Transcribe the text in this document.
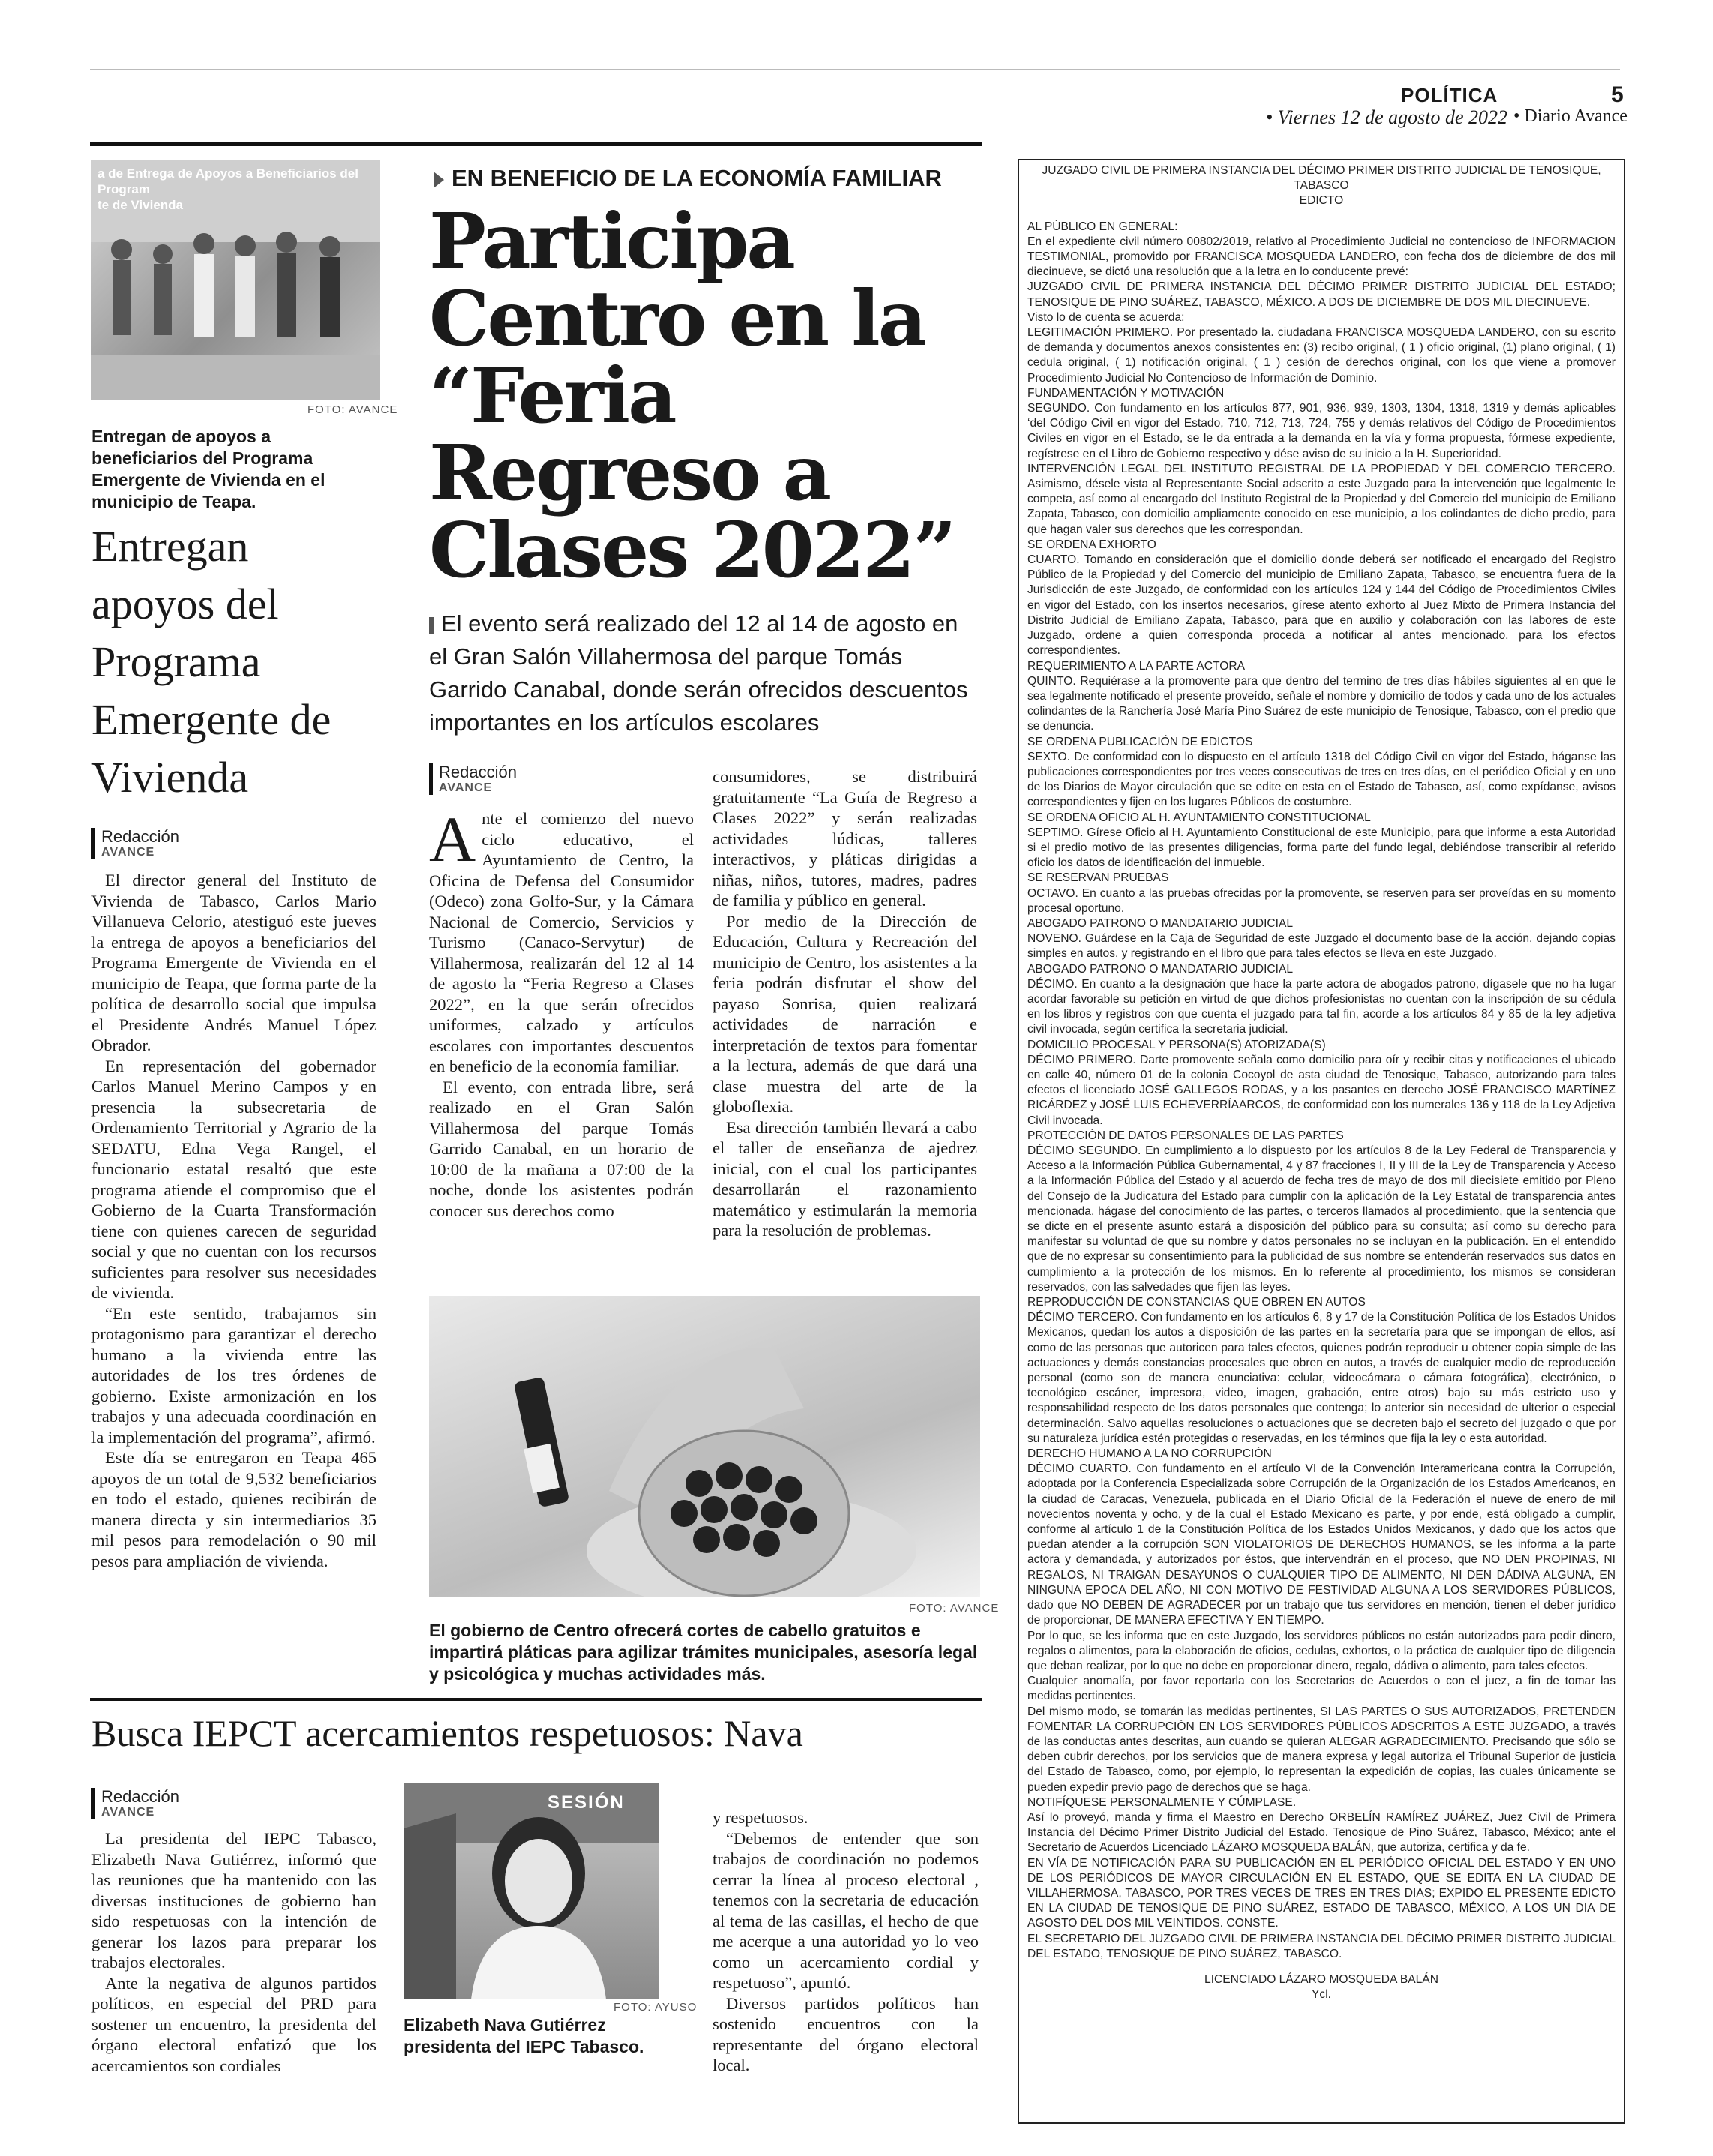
POLÍTICA	5
• Viernes 12 de agosto de 2022 • Diario Avance
a de Entrega de Apoyos a Beneficiarios del Program
te de Vivienda
FOTO: AVANCE
Entregan de apoyos a beneficiarios del Programa Emergente de Vivienda en el municipio de Teapa.
Entregan apoyos del Programa Emergente de Vivienda
Redacción
AVANCE

El director general del Instituto de Vivienda de Tabasco, Carlos Mario Villanueva Celorio, atestiguó este jueves la entrega de apoyos a beneficiarios del Programa Emergente de Vivienda en el municipio de Teapa, que forma parte de la política de desarrollo social que impulsa el Presidente Andrés Manuel López Obrador.

En representación del gobernador Carlos Manuel Merino Campos y en presencia la subsecretaria de Ordenamiento Territorial y Agrario de la SEDATU, Edna Vega Rangel, el funcionario estatal resaltó que este programa atiende el compromiso que el Gobierno de la Cuarta Transformación tiene con quienes carecen de seguridad social y que no cuentan con los recursos suficientes para resolver sus necesidades de vivienda.

“En este sentido, trabajamos sin protagonismo para garantizar el derecho humano a la vivienda entre las autoridades de los tres órdenes de gobierno. Existe armonización en los trabajos y una adecuada coordinación en la implementación del programa”, afirmó.

Este día se entregaron en Teapa 465 apoyos de un total de 9,532 beneficiarios en todo el estado, quienes recibirán de manera directa y sin intermediarios 35 mil pesos para remodelación o 90 mil pesos para ampliación de vivienda.

EN BENEFICIO DE LA ECONOMÍA FAMILIAR
Participa Centro en la “Feria Regreso a Clases 2022”
El evento será realizado del 12 al 14 de agosto en el Gran Salón Villahermosa del parque Tomás Garrido Canabal, donde serán ofrecidos descuentos importantes en los artículos escolares
Redacción
AVANCE

Ante el comienzo del nuevo ciclo educativo, el Ayuntamiento de Centro, la Oficina de Defensa del Consumidor (Odeco) zona Golfo-Sur, y la Cámara Nacional de Comercio, Servicios y Turismo (Canaco-Servytur) de Villahermosa, realizarán del 12 al 14 de agosto la “Feria Regreso a Clases 2022”, en la que serán ofrecidos uniformes, calzado y artículos escolares con importantes descuentos en beneficio de la economía familiar.

El evento, con entrada libre, será realizado en el Gran Salón Villahermosa del parque Tomás Garrido Canabal, en un horario de 10:00 de la mañana a 07:00 de la noche, donde los asistentes podrán conocer sus derechos como

consumidores, se distribuirá gratuitamente “La Guía de Regreso a Clases 2022” y serán realizadas actividades lúdicas, talleres interactivos, y pláticas dirigidas a niñas, niños, tutores, madres, padres de familia y público en general.

Por medio de la Dirección de Educación, Cultura y Recreación del municipio de Centro, los asistentes a la feria podrán disfrutar el show del payaso Sonrisa, quien realizará actividades de narración e interpretación de textos para fomentar a la lectura, además de que dará una clase muestra del arte de la globoflexia.

Esa dirección también llevará a cabo el taller de enseñanza de ajedrez inicial, con el cual los participantes desarrollarán el razonamiento matemático y estimularán la memoria para la resolución de problemas.

FOTO: AVANCE
El gobierno de Centro ofrecerá cortes de cabello gratuitos e impartirá pláticas para agilizar trámites municipales, asesoría legal y psicológica y muchas actividades más.
Busca IEPCT acercamientos respetuosos: Nava
Redacción
AVANCE

La presidenta del IEPC Tabasco, Elizabeth Nava Gutiérrez, informó que las reuniones que ha mantenido con las diversas instituciones de gobierno han sido respetuosas con la intención de generar los lazos para preparar los trabajos electorales.

Ante la negativa de algunos partidos políticos, en especial del PRD para sostener un encuentro, la presidenta del órgano electoral enfatizó que los acercamientos son cordiales

SESIÓN
FOTO: AYUSO
Elizabeth Nava Gutiérrez presidenta del IEPC Tabasco.

y respetuosos.

“Debemos de entender que son trabajos de coordinación no podemos cerrar la línea al proceso electoral , tenemos con la secretaria de educación al tema de las casillas, el hecho de que me acerque a una autoridad yo lo veo como un acercamiento cordial y respetuoso”, apuntó.

Diversos partidos políticos han sostenido encuentros con la representante del órgano electoral local.

JUZGADO CIVIL DE PRIMERA INSTANCIA DEL DÉCIMO PRIMER DISTRITO JUDICIAL DE TENOSIQUE, TABASCO
EDICTO
AL PÚBLICO EN GENERAL:
En el expediente civil número 00802/2019, relativo al Procedimiento Judicial no contencioso de INFORMACION TESTIMONIAL, promovido por FRANCISCA MOSQUEDA LANDERO, con fecha dos de diciembre de dos mil diecinueve, se dictó una resolución que a la letra en lo conducente prevé:
JUZGADO CIVIL DE PRIMERA INSTANCIA DEL DÉCIMO PRIMER DISTRITO JUDICIAL DEL ESTADO; TENOSIQUE DE PINO SUÁREZ, TABASCO, MÉXICO. A DOS DE DICIEMBRE DE DOS MIL DIECINUEVE.
Visto lo de cuenta se acuerda:
LEGITIMACIÓN PRIMERO. Por presentado la. ciudadana FRANCISCA MOSQUEDA LANDERO, con su escrito de demanda y documentos anexos consistentes en: (3) recibo original, ( 1 ) oficio original, (1) plano original, ( 1) cedula original, ( 1) notificación original, ( 1 ) cesión de derechos original, con los que viene a promover Procedimiento Judicial No Contencioso de Información de Dominio.
FUNDAMENTACIÓN Y MOTIVACIÓN
SEGUNDO. Con fundamento en los artículos 877, 901, 936, 939, 1303, 1304, 1318, 1319 y demás aplicables ‘del Código Civil en vigor del Estado, 710, 712, 713, 724, 755 y demás relativos del Código de Procedimientos Civiles en vigor en el Estado, se le da entrada a la demanda en la vía y forma propuesta, fórmese expediente, regístrese en el Libro de Gobierno respectivo y dése aviso de su inicio a la H. Superioridad.
INTERVENCIÓN LEGAL DEL INSTITUTO REGISTRAL DE LA PROPIEDAD Y DEL COMERCIO TERCERO. Asimismo, désele vista al Representante Social adscrito a este Juzgado para la intervención que legalmente le competa, así como al encargado del Instituto Registral de la Propiedad y del Comercio del municipio de Emiliano Zapata, Tabasco, con domicilio ampliamente conocido en ese municipio, a los colindantes de dicho predio, para que hagan valer sus derechos que les correspondan.
SE ORDENA EXHORTO
CUARTO. Tomando en consideración que el domicilio donde deberá ser notificado el encargado del Registro Público de la Propiedad y del Comercio del municipio de Emiliano Zapata, Tabasco, se encuentra fuera de la Jurisdicción de este Juzgado, de conformidad con los artículos 124 y 144 del Código de Procedimientos Civiles en vigor del Estado, con los insertos necesarios, gírese atento exhorto al Juez Mixto de Primera Instancia del Distrito Judicial de Emiliano Zapata, Tabasco, para que en auxilio y colaboración con las labores de este Juzgado, ordene a quien corresponda proceda a notificar al antes mencionado, para los efectos correspondientes.
REQUERIMIENTO A LA PARTE ACTORA
QUINTO. Requiérase a la promovente para que dentro del termino de tres días hábiles siguientes al en que le sea legalmente notificado el presente proveído, señale el nombre y domicilio de todos y cada uno de los actuales colindantes de la Ranchería José María Pino Suárez de este municipio de Tenosique, Tabasco, con el predio que se denuncia.
SE ORDENA PUBLICACIÓN DE EDICTOS
SEXTO. De conformidad con lo dispuesto en el artículo 1318 del Código Civil en vigor del Estado, háganse las publicaciones correspondientes por tres veces consecutivas de tres en tres días, en el periódico Oficial y en uno de los Diarios de Mayor circulación que se edite en esta en el Estado de Tabasco, así, como expídanse, avisos correspondientes y fijen en los lugares Públicos de costumbre.
SE ORDENA OFICIO AL H. AYUNTAMIENTO CONSTITUCIONAL
SEPTIMO. Gírese Oficio al H. Ayuntamiento Constitucional de este Municipio, para que informe a esta Autoridad si el predio motivo de las presentes diligencias, forma parte del fundo legal, debiéndose transcribir al referido oficio los datos de identificación del inmueble.
SE RESERVAN PRUEBAS
OCTAVO. En cuanto a las pruebas ofrecidas por la promovente, se reserven para ser proveídas en su momento procesal oportuno.
ABOGADO PATRONO O MANDATARIO JUDICIAL
NOVENO. Guárdese en la Caja de Seguridad de este Juzgado el documento base de la acción, dejando copias simples en autos, y registrando en el libro que para tales efectos se lleva en este Juzgado.
ABOGADO PATRONO O MANDATARIO JUDICIAL
DÉCIMO. En cuanto a la designación que hace la parte actora de abogados patrono, dígasele que no ha lugar acordar favorable su petición en virtud de que dichos profesionistas no cuentan con la inscripción de su cédula en los libros y registros con que cuenta el juzgado para tal fin, acorde a los artículos 84 y 85 de la ley adjetiva civil invocada, según certifica la secretaria judicial.
DOMICILIO PROCESAL Y PERSONA(S) ATORIZADA(S)
DÉCIMO PRIMERO. Darte promovente señala como domicilio para oír y recibir citas y notificaciones el ubicado en calle 40, número 01 de la colonia Cocoyol de asta ciudad de Tenosique, Tabasco, autorizando para tales efectos el licenciado JOSÉ GALLEGOS RODAS, y a los pasantes en derecho JOSÉ FRANCISCO MARTÍNEZ RICÁRDEZ y JOSÉ LUIS ECHEVERRÍAARCOS, de conformidad con los numerales 136 y 118 de la Ley Adjetiva Civil invocada.
PROTECCIÓN DE DATOS PERSONALES DE LAS PARTES
DÉCIMO SEGUNDO. En cumplimiento a lo dispuesto por los artículos 8 de la Ley Federal de Transparencia y Acceso a la Información Pública Gubernamental, 4 y 87 fracciones I, II y III de la Ley de Transparencia y Acceso a la Información Pública del Estado y al acuerdo de fecha tres de mayo de dos mil diecisiete emitido por Pleno del Consejo de la Judicatura del Estado para cumplir con la aplicación de la Ley Estatal de transparencia antes mencionada, hágase del conocimiento de las partes, o terceros llamados al procedimiento, que la sentencia que se dicte en el presente asunto estará a disposición del público para su consulta; así como su derecho para manifestar su voluntad de que su nombre y datos personales no se incluyan en la publicación. En el entendido que de no expresar su consentimiento para la publicidad de sus nombre se entenderán reservados sus datos en cumplimiento a la protección de los mismos. En lo referente al procedimiento, los mismos se consideran reservados, con las salvedades que fijen las leyes.
REPRODUCCIÓN DE CONSTANCIAS QUE OBREN EN AUTOS
DÉCIMO TERCERO. Con fundamento en los artículos 6, 8 y 17 de la Constitución Política de los Estados Unidos Mexicanos, quedan los autos a disposición de las partes en la secretaría para que se impongan de ellos, así como de las personas que autoricen para tales efectos, quienes podrán reproducir u obtener copia simple de las actuaciones y demás constancias procesales que obren en autos, a través de cualquier medio de reproducción personal (como son de manera enunciativa: celular, videocámara o cámara fotográfica), electrónico, o tecnológico escáner, impresora, video, imagen, grabación, entre otros) bajo su más estricto uso y responsabilidad respecto de los datos personales que contenga; lo anterior sin necesidad de ulterior o especial determinación. Salvo aquellas resoluciones o actuaciones que se decreten bajo el secreto del juzgado o que por su naturaleza jurídica estén protegidas o reservadas, en los términos que fija la ley o esta autoridad.
DERECHO HUMANO A LA NO CORRUPCIÓN
DÉCIMO CUARTO. Con fundamento en el artículo VI de la Convención Interamericana contra la Corrupción, adoptada por la Conferencia Especializada sobre Corrupción de la Organización de los Estados Americanos, en la ciudad de Caracas, Venezuela, publicada en el Diario Oficial de la Federación el nueve de enero de mil novecientos noventa y ocho, y de la cual el Estado Mexicano es parte, y por ende, está obligado a cumplir, conforme al artículo 1 de la Constitución Política de los Estados Unidos Mexicanos, y dado que los actos que puedan atender a la corrupción SON VIOLATORIOS DE DERECHOS HUMANOS, se les informa a la parte actora y demandada, y autorizados por éstos, que intervendrán en el proceso, que NO DEN PROPINAS, NI REGALOS, NI TRAIGAN DESAYUNOS O CUALQUIER TIPO DE ALIMENTO, NI DEN DÁDIVA ALGUNA, EN NINGUNA EPOCA DEL AÑO, NI CON MOTIVO DE FESTIVIDAD ALGUNA A LOS SERVIDORES PÚBLICOS, dado que NO DEBEN DE AGRADECER por un trabajo que tus servidores en mención, tienen el deber jurídico de proporcionar, DE MANERA EFECTIVA Y EN TIEMPO.
Por lo que, se les informa que en este Juzgado, los servidores públicos no están autorizados para pedir dinero, regalos o alimentos, para la elaboración de oficios, cedulas, exhortos, o la práctica de cualquier tipo de diligencia que deban realizar, por lo que no debe en proporcionar dinero, regalo, dádiva o alimento, para tales efectos.
Cualquier anomalía, por favor reportarla con los Secretarios de Acuerdos o con el juez, a fin de tomar las medidas pertinentes.
Del mismo modo, se tomarán las medidas pertinentes, SI LAS PARTES O SUS AUTORIZADOS, PRETENDEN FOMENTAR LA CORRUPCIÓN EN LOS SERVIDORES PÚBLICOS ADSCRITOS A ESTE JUZGADO, a través de las conductas antes descritas, aun cuando se quieran ALEGAR AGRADECIMIENTO. Precisando que sólo se deben cubrir derechos, por los servicios que de manera expresa y legal autoriza el Tribunal Superior de justicia del Estado de Tabasco, como, por ejemplo, lo representan la expedición de copias, las cuales únicamente se pueden expedir previo pago de derechos que se haga.
NOTIFÍQUESE PERSONALMENTE Y CÚMPLASE.
Así lo proveyó, manda y firma el Maestro en Derecho ORBELÍN RAMÍREZ JUÁREZ, Juez Civil de Primera Instancia del Décimo Primer Distrito Judicial del Estado. Tenosique de Pino Suárez, Tabasco, México; ante el Secretario de Acuerdos Licenciado LÁZARO MOSQUEDA BALÁN, que autoriza, certifica y da fe.
EN VÍA DE NOTIFICACIÓN PARA SU PUBLICACIÓN EN EL PERIÓDICO OFICIAL DEL ESTADO Y EN UNO DE LOS PERIÓDICOS DE MAYOR CIRCULACIÓN EN EL ESTADO, QUE SE EDITA EN LA CIUDAD DE VILLAHERMOSA, TABASCO, POR TRES VECES DE TRES EN TRES DIAS; EXPIDO EL PRESENTE EDICTO EN LA CIUDAD DE TENOSIQUE DE PINO SUÁREZ, ESTADO DE TABASCO, MÉXICO, A LOS UN DIA DE AGOSTO DEL DOS MIL VEINTIDOS. CONSTE.
EL SECRETARIO DEL JUZGADO CIVIL DE PRIMERA INSTANCIA DEL DÉCIMO PRIMER DISTRITO JUDICIAL DEL ESTADO, TENOSIQUE DE PINO SUÁREZ, TABASCO.
LICENCIADO LÁZARO MOSQUEDA BALÁN
Ycl.
